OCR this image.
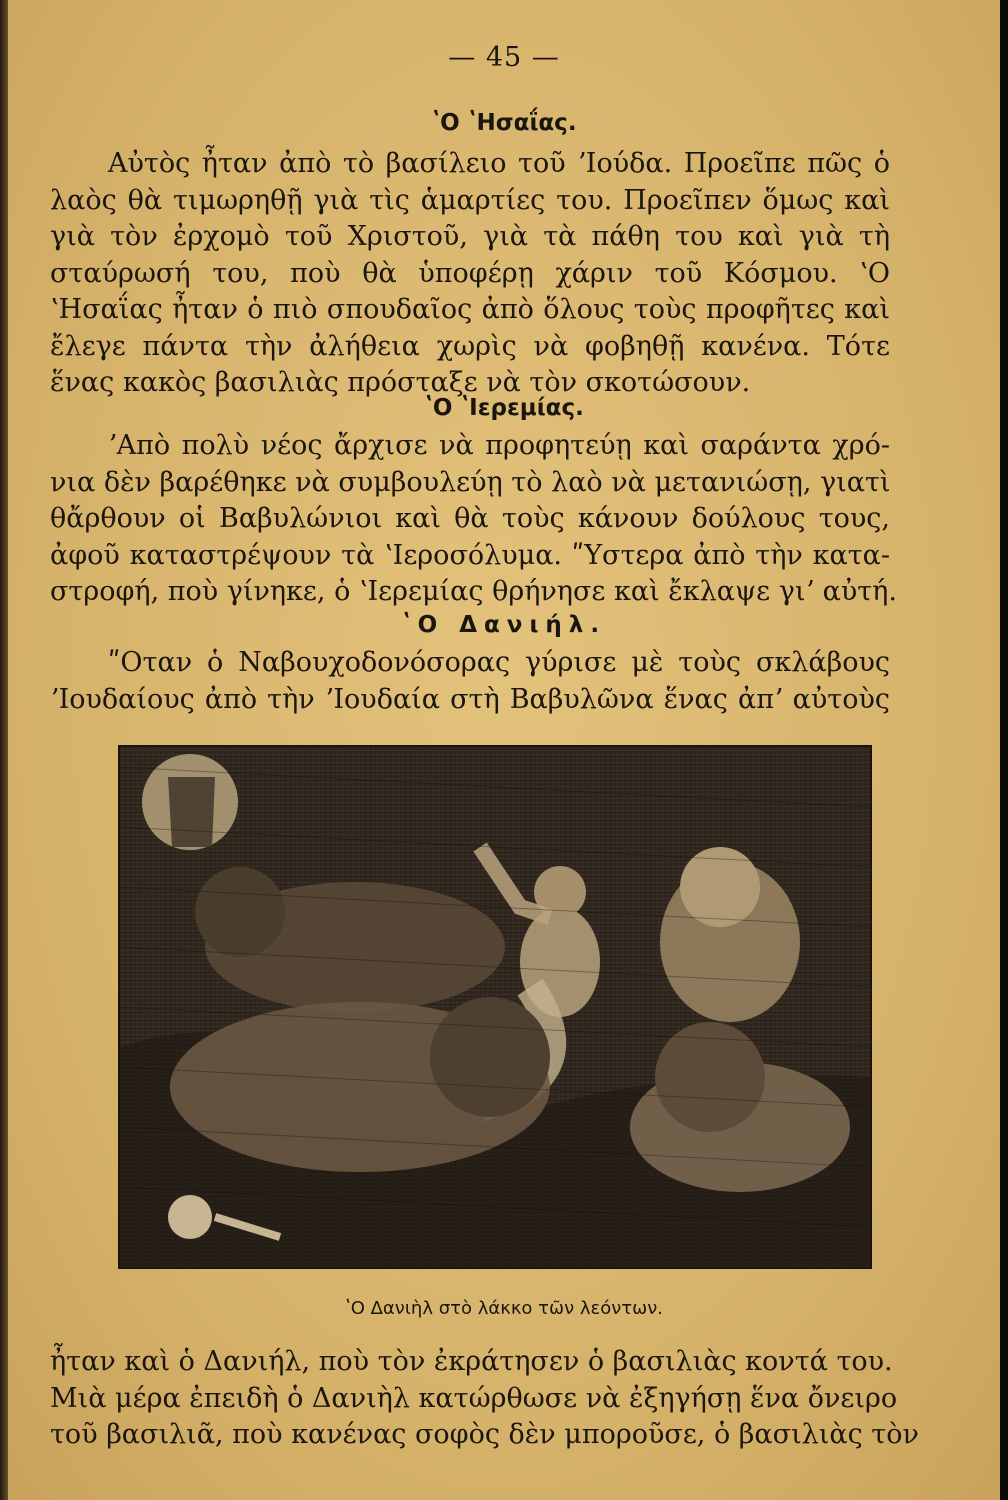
— 45 —
ʽΟ ʽΗσαΐας.
Αὐτὸς ἦταν ἀπὸ τὸ βασίλειο τοῦ ʼΙούδα. Προεῖπε πῶς ὁ
λαὸς θὰ τιμωρηθῇ γιὰ τὶς ἁμαρτίες του. Προεῖπεν ὅμως καὶ
γιὰ τὸν ἐρχομὸ τοῦ Χριστοῦ, γιὰ τὰ πάθη του καὶ γιὰ τὴ
σταύρωσή του, ποὺ θὰ ὑποφέρῃ χάριν τοῦ Κόσμου. ʽΟ
ʽΗσαΐας ἦταν ὁ πιὸ σπουδαῖος ἀπὸ ὅλους τοὺς προφῆτες καὶ
ἔλεγε πάντα τὴν ἀλήθεια χωρὶς νὰ φοβηθῇ κανένα. Τότε
ἕνας κακὸς βασιλιὰς πρόσταξε νὰ τὸν σκοτώσουν.
ʽΟ ʽΙερεμίας.
ʼΑπὸ πολὺ νέος ἄρχισε νὰ προφητεύῃ καὶ σαράντα χρό-
νια δὲν βαρέθηκε νὰ συμβουλεύῃ τὸ λαὸ νὰ μετανιώσῃ, γιατὶ
θἄρθουν οἱ Βαβυλώνιοι καὶ θὰ τοὺς κάνουν δούλους τους,
ἀφοῦ καταστρέψουν τὰ ʽΙεροσόλυμα. ʺΥστερα ἀπὸ τὴν κατα-
στροφή, ποὺ γίνηκε, ὁ ʽΙερεμίας θρήνησε καὶ ἔκλαψε γιʼ αὐτή.
ʽΟ Δανιήλ.
ʺΟταν ὁ Ναβουχοδονόσορας γύρισε μὲ τοὺς σκλάβους
ʼΙουδαίους ἀπὸ τὴν ʼΙουδαία στὴ Βαβυλῶνα ἕνας ἀπʼ αὐτοὺς
ʽΟ Δανιὴλ στὸ λάκκο τῶν λεόντων.
ἦταν καὶ ὁ Δανιήλ, ποὺ τὸν ἐκράτησεν ὁ βασιλιὰς κοντά του.
Μιὰ μέρα ἐπειδὴ ὁ Δανιὴλ κατώρθωσε νὰ ἐξηγήσῃ ἕνα ὄνειρο
τοῦ βασιλιᾶ, ποὺ κανένας σοφὸς δὲν μποροῦσε, ὁ βασιλιὰς τὸν
